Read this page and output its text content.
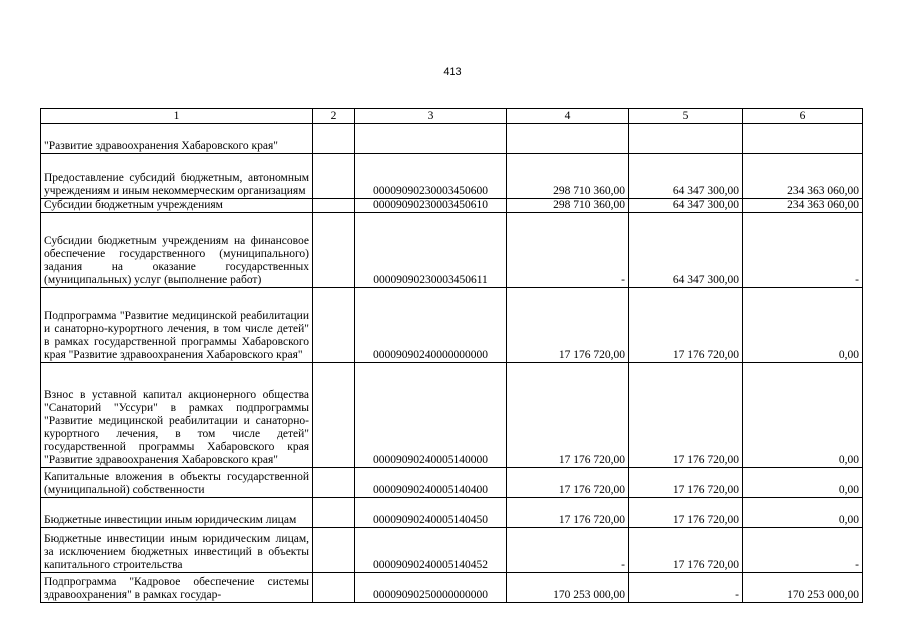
413
1	2	3	4	5	6
"Развитие здравоохранения Хабаровского края"					
Предоставление субсидий бюджетным, автономным учреждениям и иным некоммерческим организациям		00009090230003450600	298 710 360,00	64 347 300,00	234 363 060,00
Субсидии бюджетным учреждениям		00009090230003450610	298 710 360,00	64 347 300,00	234 363 060,00
Субсидии бюджетным учреждениям на финансовое обеспечение государственного (муниципального) задания на оказание государственных (муниципальных) услуг (выполнение работ)		00009090230003450611	-	64 347 300,00	-
Подпрограмма "Развитие медицинской реабилитации и санаторно-курортного лечения, в том числе детей" в рамках государственной программы Хабаровского края "Развитие здравоохранения Хабаровского края"		00009090240000000000	17 176 720,00	17 176 720,00	0,00
Взнос в уставной капитал акционерного общества "Санаторий "Уссури" в рамках подпрограммы "Развитие медицинской реабилитации и санаторно-курортного лечения, в том числе детей" государственной программы Хабаровского края "Развитие здравоохранения Хабаровского края"		00009090240005140000	17 176 720,00	17 176 720,00	0,00
Капитальные вложения в объекты государственной (муниципальной) собственности		00009090240005140400	17 176 720,00	17 176 720,00	0,00
Бюджетные инвестиции иным юридическим лицам		00009090240005140450	17 176 720,00	17 176 720,00	0,00
Бюджетные инвестиции иным юридическим лицам, за исключением бюджетных инвестиций в объекты капитального строительства		00009090240005140452	-	17 176 720,00	-
Подпрограмма "Кадровое обеспечение системы здравоохранения" в рамках государ-		00009090250000000000	170 253 000,00	-	170 253 000,00
